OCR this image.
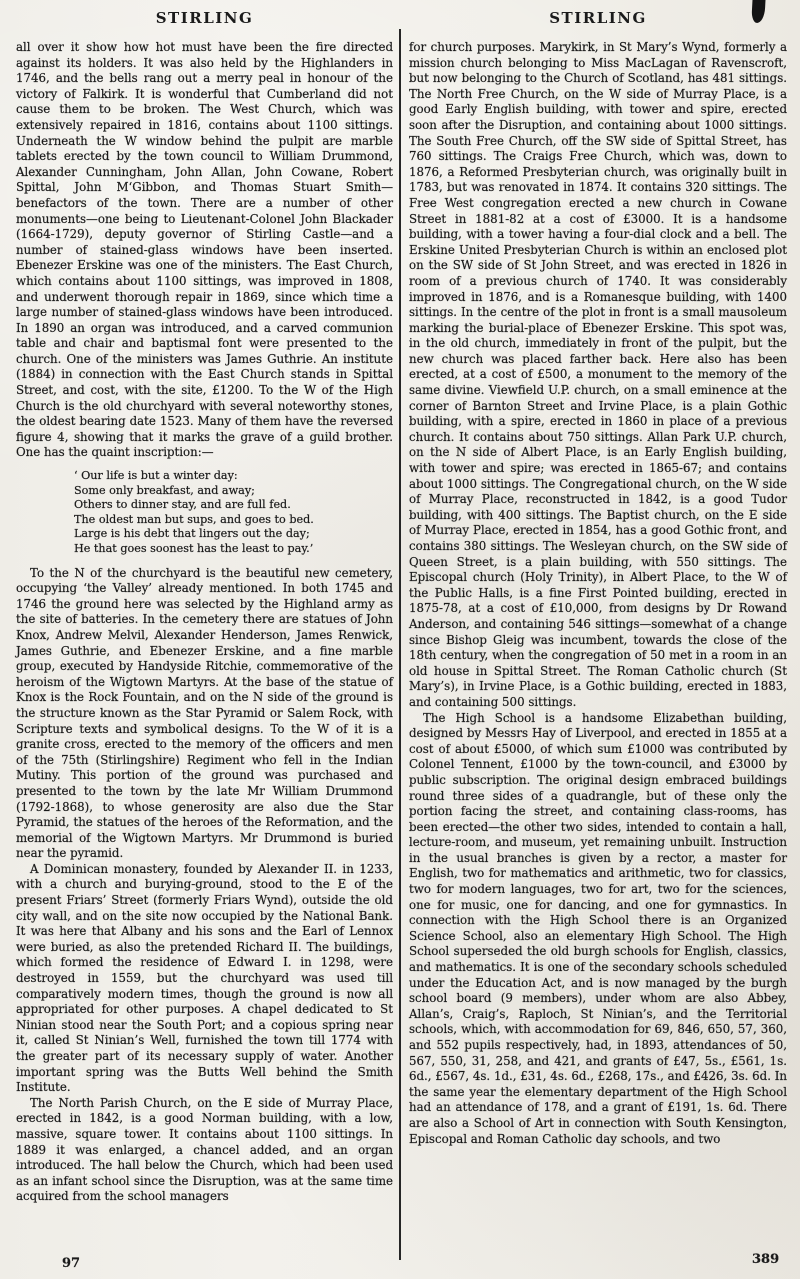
STIRLING	STIRLING

all over it show how hot must have been the fire directed against its holders. It was also held by the Highlanders in 1746, and the bells rang out a merry peal in honour of the victory of Falkirk. It is wonderful that Cumberland did not cause them to be broken. The West Church, which was extensively repaired in 1816, contains about 1100 sittings. Underneath the W window behind the pulpit are marble tablets erected by the town council to William Drummond, Alexander Cunningham, John Allan, John Cowane, Robert Spittal, John M‘Gibbon, and Thomas Stuart Smith—benefactors of the town. There are a number of other monuments—one being to Lieutenant-Colonel John Blackader (1664-1729), deputy governor of Stirling Castle—and a number of stained-glass windows have been inserted. Ebenezer Erskine was one of the ministers. The East Church, which contains about 1100 sittings, was improved in 1808, and underwent thorough repair in 1869, since which time a large number of stained-glass windows have been introduced. In 1890 an organ was introduced, and a carved communion table and chair and baptismal font were presented to the church. One of the ministers was James Guthrie. An institute (1884) in connection with the East Church stands in Spittal Street, and cost, with the site, £1200. To the W of the High Church is the old churchyard with several noteworthy stones, the oldest bearing date 1523. Many of them have the reversed figure 4, showing that it marks the grave of a guild brother. One has the quaint inscription:—

‘ Our life is but a winter day:
Some only breakfast, and away;
Others to dinner stay, and are full fed.
The oldest man but sups, and goes to bed.
Large is his debt that lingers out the day;
He that goes soonest has the least to pay.’

To the N of the churchyard is the beautiful new cemetery, occupying ‘the Valley’ already mentioned. In both 1745 and 1746 the ground here was selected by the Highland army as the site of batteries. In the cemetery there are statues of John Knox, Andrew Melvil, Alexander Henderson, James Renwick, James Guthrie, and Ebenezer Erskine, and a fine marble group, executed by Handyside Ritchie, commemorative of the heroism of the Wigtown Martyrs. At the base of the statue of Knox is the Rock Fountain, and on the N side of the ground is the structure known as the Star Pyramid or Salem Rock, with Scripture texts and symbolical designs. To the W of it is a granite cross, erected to the memory of the officers and men of the 75th (Stirlingshire) Regiment who fell in the Indian Mutiny. This portion of the ground was purchased and presented to the town by the late Mr William Drummond (1792-1868), to whose generosity are also due the Star Pyramid, the statues of the heroes of the Reformation, and the memorial of the Wigtown Martyrs. Mr Drummond is buried near the pyramid.

A Dominican monastery, founded by Alexander II. in 1233, with a church and burying-ground, stood to the E of the present Friars’ Street (formerly Friars Wynd), outside the old city wall, and on the site now occupied by the National Bank. It was here that Albany and his sons and the Earl of Lennox were buried, as also the pretended Richard II. The buildings, which formed the residence of Edward I. in 1298, were destroyed in 1559, but the churchyard was used till comparatively modern times, though the ground is now all appropriated for other purposes. A chapel dedicated to St Ninian stood near the South Port; and a copious spring near it, called St Ninian’s Well, furnished the town till 1774 with the greater part of its necessary supply of water. Another important spring was the Butts Well behind the Smith Institute.

The North Parish Church, on the E side of Murray Place, erected in 1842, is a good Norman building, with a low, massive, square tower. It contains about 1100 sittings. In 1889 it was enlarged, a chancel added, and an organ introduced. The hall below the Church, which had been used as an infant school since the Disruption, was at the same time acquired from the school managers

for church purposes. Marykirk, in St Mary’s Wynd, formerly a mission church belonging to Miss MacLagan of Ravenscroft, but now belonging to the Church of Scotland, has 481 sittings. The North Free Church, on the W side of Murray Place, is a good Early English building, with tower and spire, erected soon after the Disruption, and containing about 1000 sittings. The South Free Church, off the SW side of Spittal Street, has 760 sittings. The Craigs Free Church, which was, down to 1876, a Reformed Presbyterian church, was originally built in 1783, but was renovated in 1874. It contains 320 sittings. The Free West congregation erected a new church in Cowane Street in 1881-82 at a cost of £3000. It is a handsome building, with a tower having a four-dial clock and a bell. The Erskine United Presbyterian Church is within an enclosed plot on the SW side of St John Street, and was erected in 1826 in room of a previous church of 1740. It was considerably improved in 1876, and is a Romanesque building, with 1400 sittings. In the centre of the plot in front is a small mausoleum marking the burial-place of Ebenezer Erskine. This spot was, in the old church, immediately in front of the pulpit, but the new church was placed farther back. Here also has been erected, at a cost of £500, a monument to the memory of the same divine. Viewfield U.P. church, on a small eminence at the corner of Barnton Street and Irvine Place, is a plain Gothic building, with a spire, erected in 1860 in place of a previous church. It contains about 750 sittings. Allan Park U.P. church, on the N side of Albert Place, is an Early English building, with tower and spire; was erected in 1865-67; and contains about 1000 sittings. The Congregational church, on the W side of Murray Place, reconstructed in 1842, is a good Tudor building, with 400 sittings. The Baptist church, on the E side of Murray Place, erected in 1854, has a good Gothic front, and contains 380 sittings. The Wesleyan church, on the SW side of Queen Street, is a plain building, with 550 sittings. The Episcopal church (Holy Trinity), in Albert Place, to the W of the Public Halls, is a fine First Pointed building, erected in 1875-78, at a cost of £10,000, from designs by Dr Rowand Anderson, and containing 546 sittings—somewhat of a change since Bishop Gleig was incumbent, towards the close of the 18th century, when the congregation of 50 met in a room in an old house in Spittal Street. The Roman Catholic church (St Mary’s), in Irvine Place, is a Gothic building, erected in 1883, and containing 500 sittings.

The High School is a handsome Elizabethan building, designed by Messrs Hay of Liverpool, and erected in 1855 at a cost of about £5000, of which sum £1000 was contributed by Colonel Tennent, £1000 by the town-council, and £3000 by public subscription. The original design embraced buildings round three sides of a quadrangle, but of these only the portion facing the street, and containing class-rooms, has been erected—the other two sides, intended to contain a hall, lecture-room, and museum, yet remaining unbuilt. Instruction in the usual branches is given by a rector, a master for English, two for mathematics and arithmetic, two for classics, two for modern languages, two for art, two for the sciences, one for music, one for dancing, and one for gymnastics. In connection with the High School there is an Organized Science School, also an elementary High School. The High School superseded the old burgh schools for English, classics, and mathematics. It is one of the secondary schools scheduled under the Education Act, and is now managed by the burgh school board (9 members), under whom are also Abbey, Allan’s, Craig’s, Raploch, St Ninian’s, and the Territorial schools, which, with accommodation for 69, 846, 650, 57, 360, and 552 pupils respectively, had, in 1893, attendances of 50, 567, 550, 31, 258, and 421, and grants of £47, 5s., £561, 1s. 6d., £567, 4s. 1d., £31, 4s. 6d., £268, 17s., and £426, 3s. 6d. In the same year the elementary department of the High School had an attendance of 178, and a grant of £191, 1s. 6d. There are also a School of Art in connection with South Kensington, Episcopal and Roman Catholic day schools, and two

97	389
